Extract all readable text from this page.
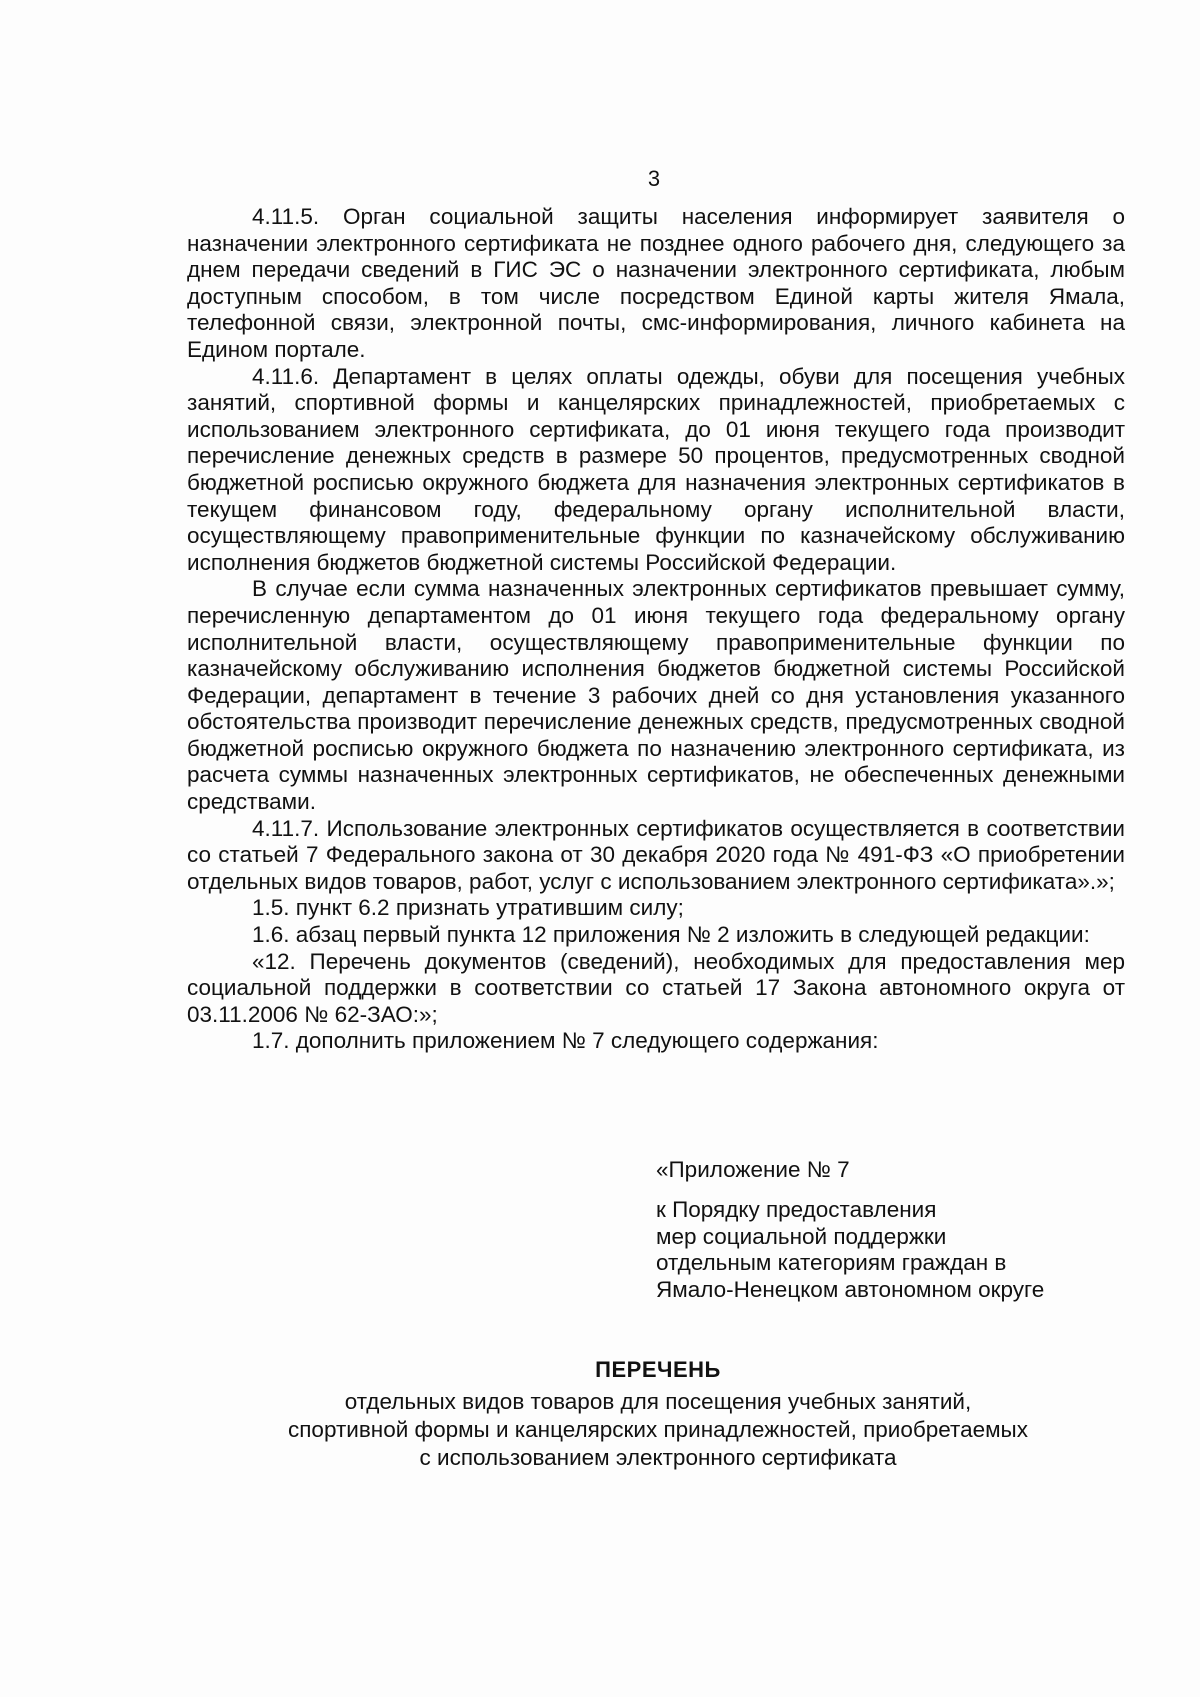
3

4.11.5. Орган социальной защиты населения информирует заявителя о назначении электронного сертификата не позднее одного рабочего дня, следующего за днем передачи сведений в ГИС ЭС о назначении электронного сертификата, любым доступным способом, в том числе посредством Единой карты жителя Ямала, телефонной связи, электронной почты, смс-информирования, личного кабинета на Едином портале.

4.11.6. Департамент в целях оплаты одежды, обуви для посещения учебных занятий, спортивной формы и канцелярских принадлежностей, приобретаемых с использованием электронного сертификата, до 01 июня текущего года производит перечисление денежных средств в размере 50 процентов, предусмотренных сводной бюджетной росписью окружного бюджета для назначения электронных сертификатов в текущем финансовом году, федеральному органу исполнительной власти, осуществляющему правоприменительные функции по казначейскому обслуживанию исполнения бюджетов бюджетной системы Российской Федерации.

В случае если сумма назначенных электронных сертификатов превышает сумму, перечисленную департаментом до 01 июня текущего года федеральному органу исполнительной власти, осуществляющему правоприменительные функции по казначейскому обслуживанию исполнения бюджетов бюджетной системы Российской Федерации, департамент в течение 3 рабочих дней со дня установления указанного обстоятельства производит перечисление денежных средств, предусмотренных сводной бюджетной росписью окружного бюджета по назначению электронного сертификата, из расчета суммы назначенных электронных сертификатов, не обеспеченных денежными средствами.

4.11.7. Использование электронных сертификатов осуществляется в соответствии со статьей 7 Федерального закона от 30 декабря 2020 года № 491-ФЗ «О приобретении отдельных видов товаров, работ, услуг с использованием электронного сертификата».»;

1.5. пункт 6.2 признать утратившим силу;

1.6. абзац первый пункта 12 приложения № 2 изложить в следующей редакции:

«12. Перечень документов (сведений), необходимых для предоставления мер социальной поддержки в соответствии со статьей 17 Закона автономного округа от 03.11.2006 № 62-ЗАО:»;

1.7. дополнить приложением № 7 следующего содержания:

«Приложение № 7
к Порядку предоставления
мер социальной поддержки
отдельным категориям граждан в
Ямало-Ненецком автономном округе
ПЕРЕЧЕНЬ
отдельных видов товаров для посещения учебных занятий,
спортивной формы и канцелярских принадлежностей, приобретаемых
с использованием электронного сертификата
